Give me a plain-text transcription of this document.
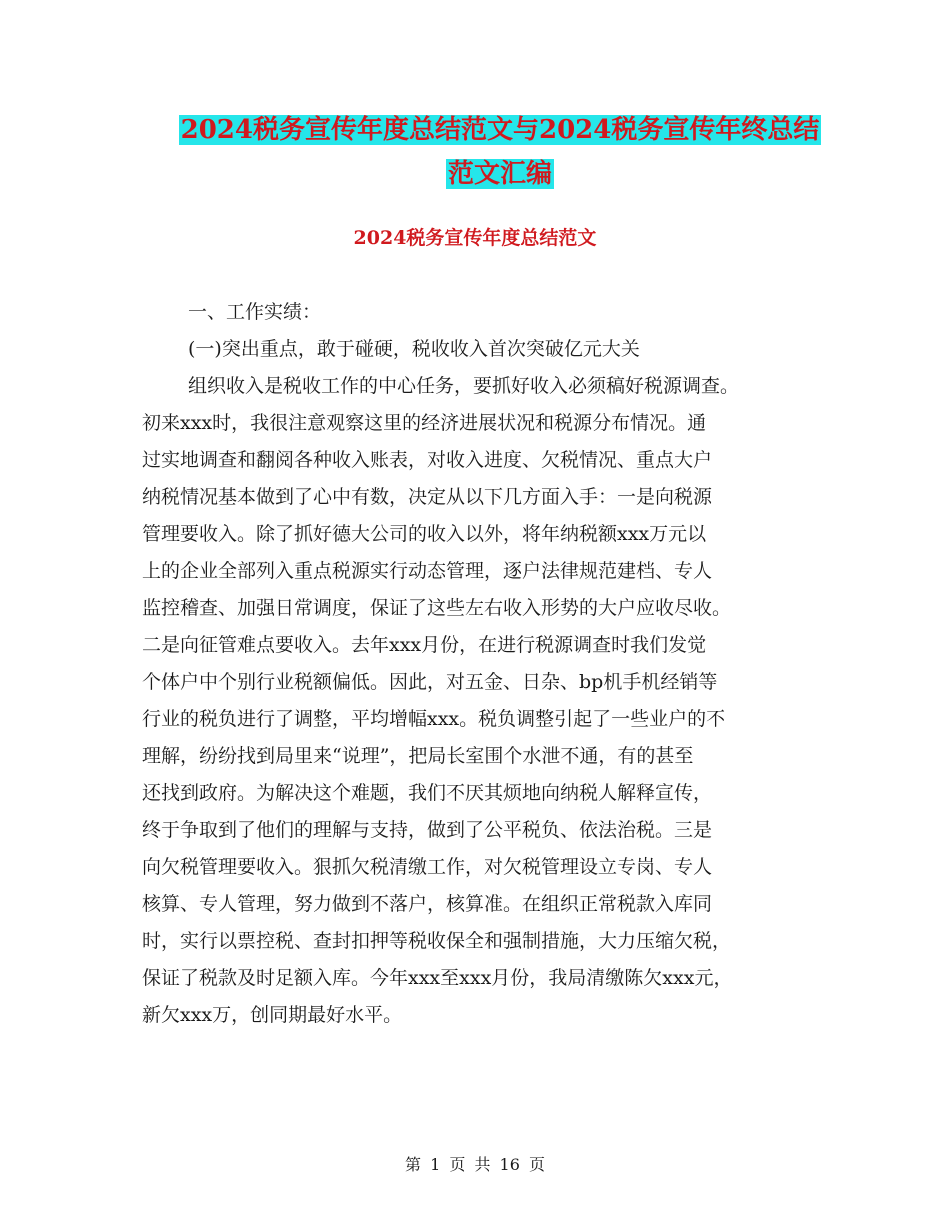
2024税务宣传年度总结范文与2024税务宣传年终总结
范文汇编
2024税务宣传年度总结范文
一、工作实绩：
(一)突出重点，敢于碰硬，税收收入首次突破亿元大关
组织收入是税收工作的中心任务，要抓好收入必须稿好税源调查。
初来xxx时，我很注意观察这里的经济进展状况和税源分布情况。通
过实地调查和翻阅各种收入账表，对收入进度、欠税情况、重点大户
纳税情况基本做到了心中有数，决定从以下几方面入手：一是向税源
管理要收入。除了抓好德大公司的收入以外，将年纳税额xxx万元以
上的企业全部列入重点税源实行动态管理，逐户法律规范建档、专人
监控稽查、加强日常调度，保证了这些左右收入形势的大户应收尽收。
二是向征管难点要收入。去年xxx月份，在进行税源调查时我们发觉
个体户中个别行业税额偏低。因此，对五金、日杂、bp机手机经销等
行业的税负进行了调整，平均增幅xxx。税负调整引起了一些业户的不
理解，纷纷找到局里来“说理”，把局长室围个水泄不通，有的甚至
还找到政府。为解决这个难题，我们不厌其烦地向纳税人解释宣传，
终于争取到了他们的理解与支持，做到了公平税负、依法治税。三是
向欠税管理要收入。狠抓欠税清缴工作，对欠税管理设立专岗、专人
核算、专人管理，努力做到不落户，核算准。在组织正常税款入库同
时，实行以票控税、查封扣押等税收保全和强制措施，大力压缩欠税，
保证了税款及时足额入库。今年xxx至xxx月份，我局清缴陈欠xxx元，
新欠xxx万，创同期最好水平。
第 1 页 共 16 页
